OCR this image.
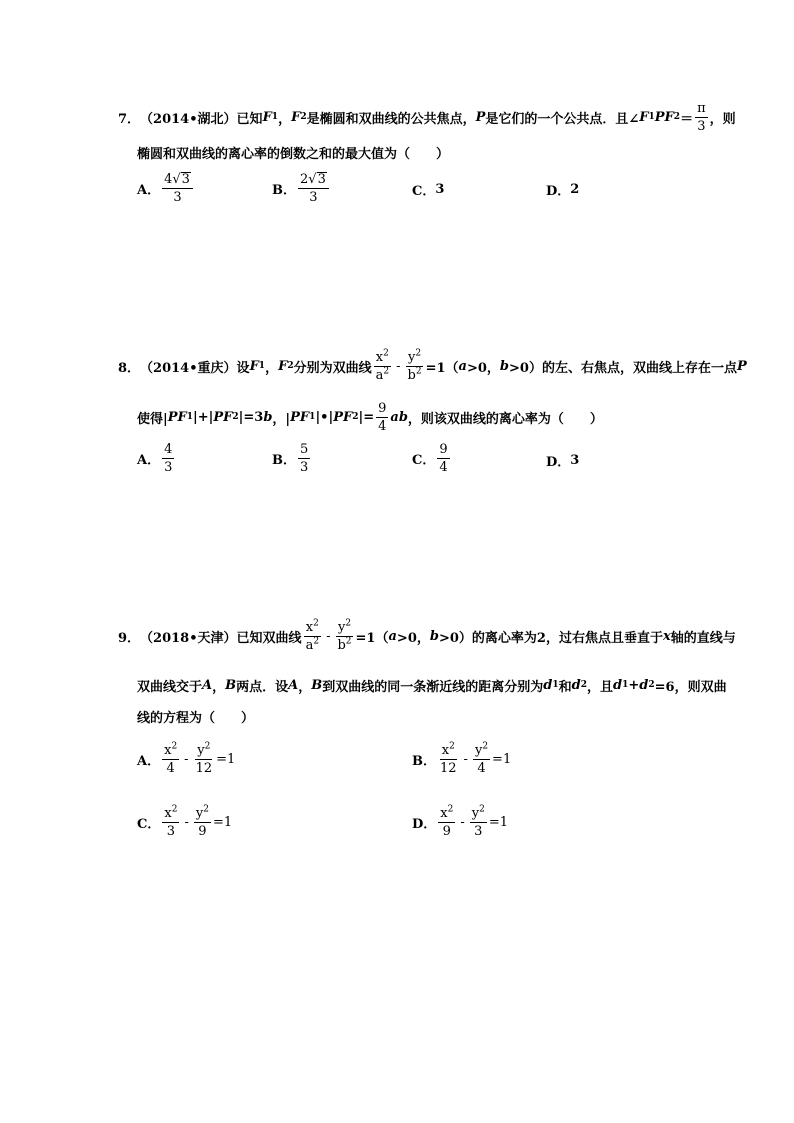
7． （2014•湖北） 已知 F 1 ， F 2 是椭圆和双曲线的公共焦点， P 是它们的一个公共点．且∠ F 1 PF $2 = \frac{\pi}{3}$ ，则
椭圆和双曲线的离心率的倒数之和的最大值为（　　）
A． $\frac{4 √ 3}{3}$	B． $\frac{2 √ 3}{3}$	C． 3	D． 2
8． （2014•重庆） 设 F 1 ， F 2 分别为双曲线 $\frac{x^2}{a^2} - \frac{y^2}{b^2} =1$（ a >0， b >0） 的左、右焦点，双曲线上存在一点 P
使得| PF 1 |+| PF 2 |=3 b ，| PF 1 |•| PF 2 |= $\frac{9}{4}$ ab ，则该双曲线的离心率为（　　）
A． $\frac{4}{3}$	B． $\frac{5}{3}$	C． $\frac{9}{4}$	D． 3
9． （2018•天津） 已知双曲线 $\frac{x^2}{a^2} - \frac{y^2}{b^2} =1$（ a >0， b >0） 的离心率为2，过右焦点且垂直于 x 轴的直线与
双曲线交于 A ， B 两点．设 A ， B 到双曲线的同一条渐近线的距离分别为 d 1 和 d 2 ，且 d 1 + d 2 =6，则双曲
线的方程为（　　）
A． $\frac{x^2}{4} - \frac{y^2}{12} =1$	B． $\frac{x^2}{12} - \frac{y^2}{4} =1$
C． $\frac{x^2}{3} - \frac{y^2}{9} =1$	D． $\frac{x^2}{9} - \frac{y^2}{3} =1$
